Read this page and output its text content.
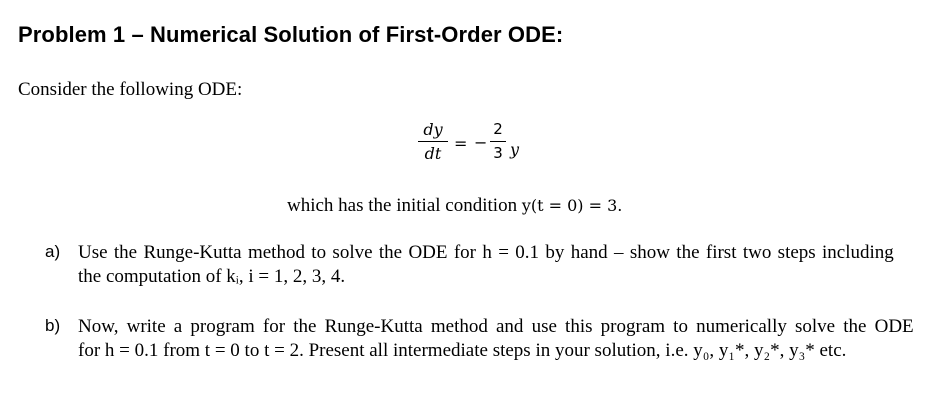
Problem 1 – Numerical Solution of First-Order ODE:
Consider the following ODE:
dy
dt
= −
2
3 y
which has the initial condition y(t = 0) = 3.
a) Use the Runge-Kutta method to solve the ODE for h = 0.1 by hand – show the first two steps including
the computation of kᵢ, i = 1, 2, 3, 4.
b) Now, write a program for the Runge-Kutta method and use this program to numerically solve the ODE
for h = 0.1 from t = 0 to t = 2. Present all intermediate steps in your solution, i.e. y₀, y₁*, y₂*, y₃* etc.
